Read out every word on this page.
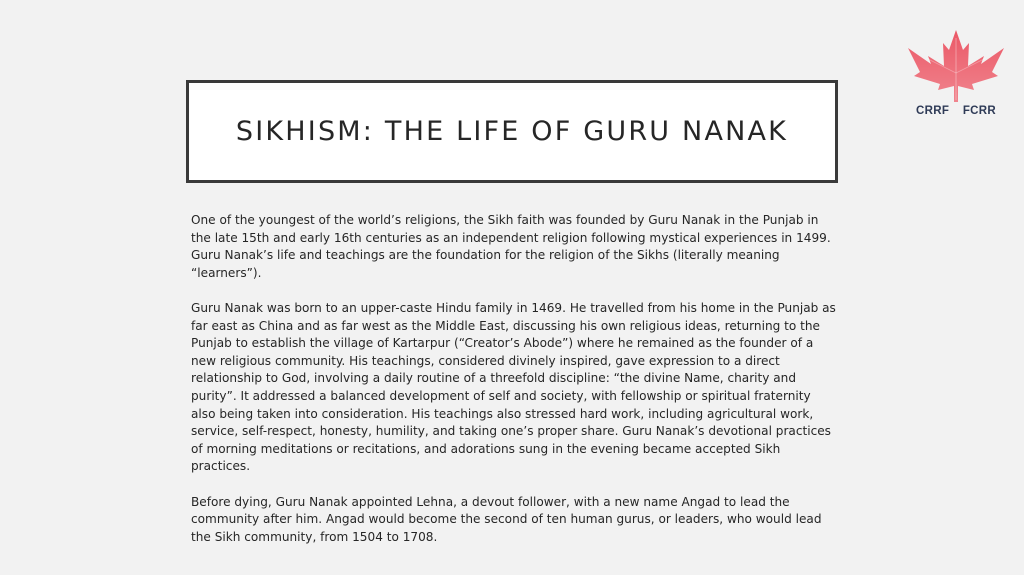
CRRF FCRR
SIKHISM: THE LIFE OF GURU NANAK

One of the youngest of the world’s religions, the Sikh faith was founded by Guru Nanak in the Punjab in the late 15th and early 16th centuries as an independent religion following mystical experiences in 1499. Guru Nanak’s life and teachings are the foundation for the religion of the Sikhs (literally meaning “learners”).

Guru Nanak was born to an upper-caste Hindu family in 1469. He travelled from his home in the Punjab as far east as China and as far west as the Middle East, discussing his own religious ideas, returning to the Punjab to establish the village of Kartarpur (“Creator’s Abode”) where he remained as the founder of a new religious community. His teachings, considered divinely inspired, gave expression to a direct relationship to God, involving a daily routine of a threefold discipline: “the divine Name, charity and purity”. It addressed a balanced development of self and society, with fellowship or spiritual fraternity also being taken into consideration. His teachings also stressed hard work, including agricultural work, service, self-respect, honesty, humility, and taking one’s proper share. Guru Nanak’s devotional practices of morning meditations or recitations, and adorations sung in the evening became accepted Sikh practices.

Before dying, Guru Nanak appointed Lehna, a devout follower, with a new name Angad to lead the community after him. Angad would become the second of ten human gurus, or leaders, who would lead the Sikh community, from 1504 to 1708.
